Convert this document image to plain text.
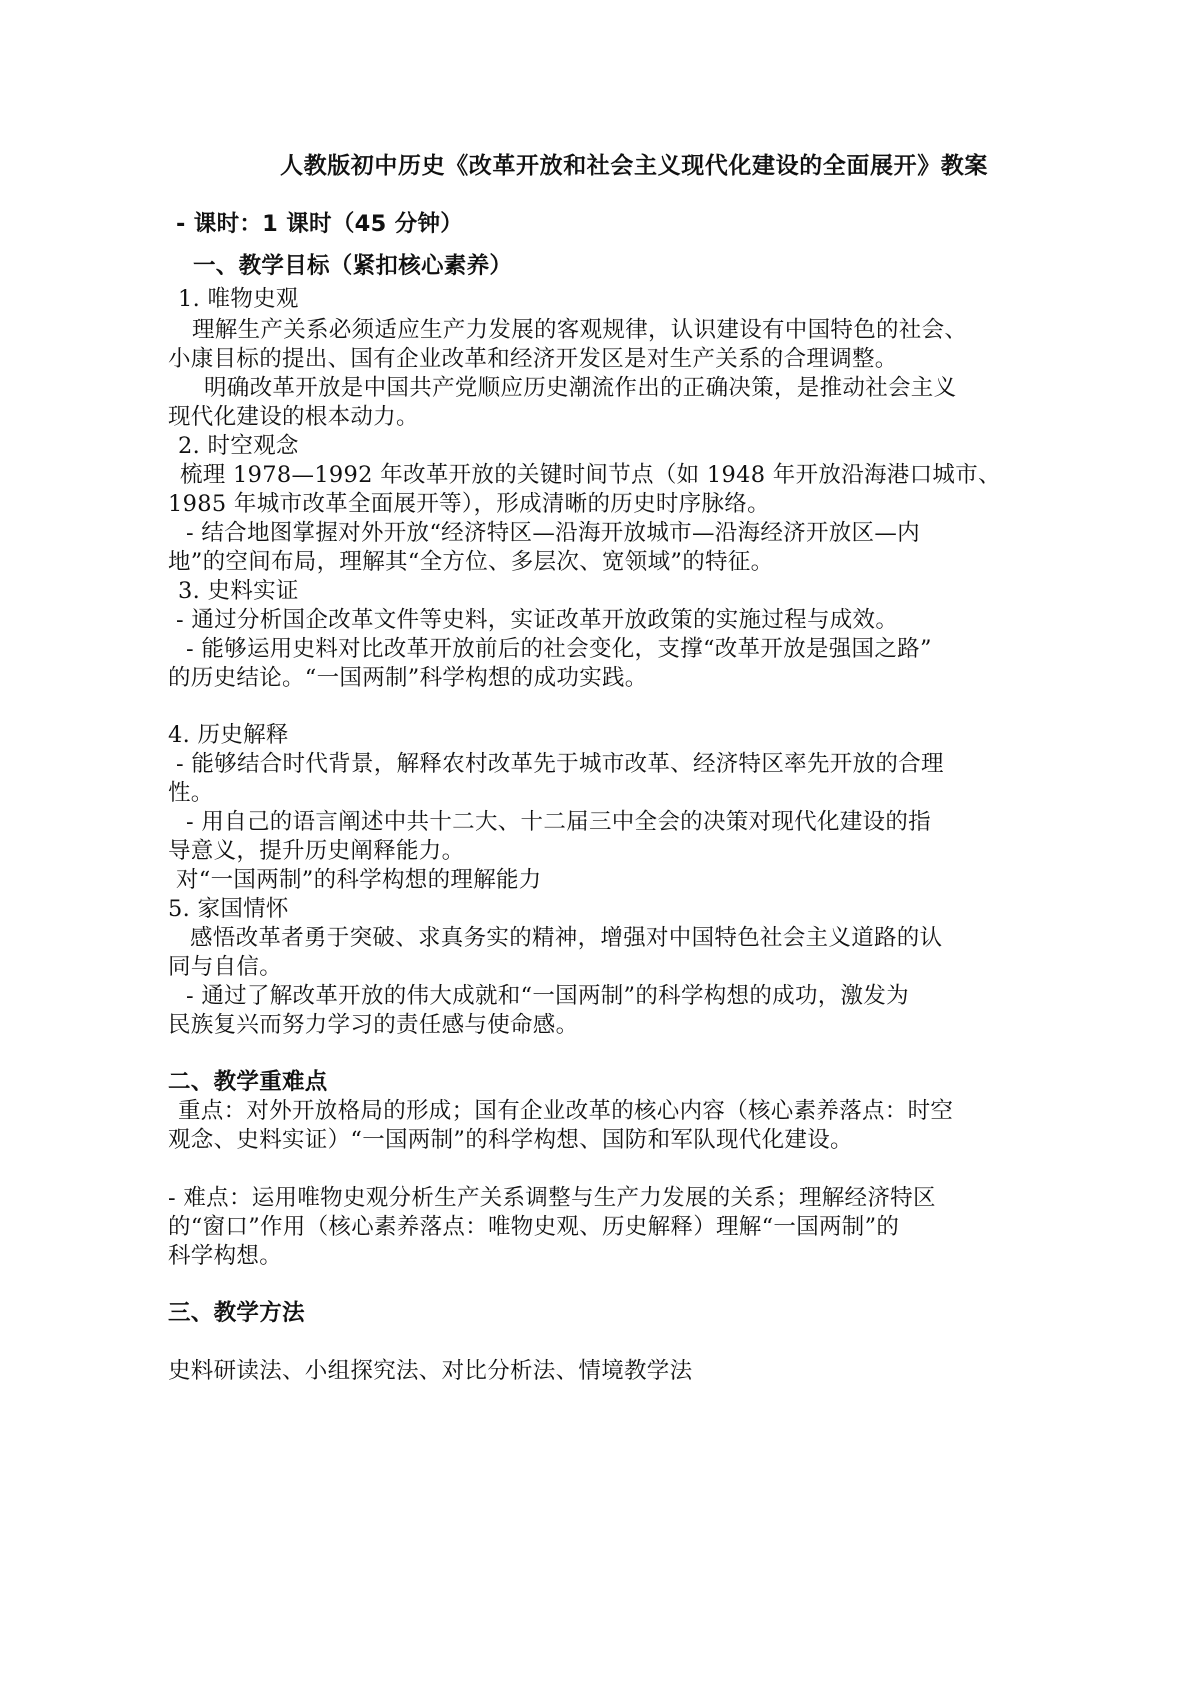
人教版初中历史《改革开放和社会主义现代化建设的全面展开》教案
- 课时：1 课时（45 分钟）
一、教学目标（紧扣核心素养）
1. 唯物史观
理解生产关系必须适应生产力发展的客观规律，认识建设有中国特色的社会、
小康目标的提出、国有企业改革和经济开发区是对生产关系的合理调整。
明确改革开放是中国共产党顺应历史潮流作出的正确决策，是推动社会主义
现代化建设的根本动力。
2. 时空观念
梳理 1978—1992 年改革开放的关键时间节点（如 1948 年开放沿海港口城市、
1985 年城市改革全面展开等），形成清晰的历史时序脉络。
- 结合地图掌握对外开放“经济特区—沿海开放城市—沿海经济开放区—内
地”的空间布局，理解其“全方位、多层次、宽领域”的特征。
3. 史料实证
- 通过分析国企改革文件等史料，实证改革开放政策的实施过程与成效。
- 能够运用史料对比改革开放前后的社会变化，支撑“改革开放是强国之路”
的历史结论。“一国两制”科学构想的成功实践。
4. 历史解释
- 能够结合时代背景，解释农村改革先于城市改革、经济特区率先开放的合理
性。
- 用自己的语言阐述中共十二大、十二届三中全会的决策对现代化建设的指
导意义，提升历史阐释能力。
对“一国两制”的科学构想的理解能力
5. 家国情怀
感悟改革者勇于突破、求真务实的精神，增强对中国特色社会主义道路的认
同与自信。
- 通过了解改革开放的伟大成就和“一国两制”的科学构想的成功，激发为
民族复兴而努力学习的责任感与使命感。
二、教学重难点
重点：对外开放格局的形成；国有企业改革的核心内容（核心素养落点：时空
观念、史料实证）“一国两制”的科学构想、国防和军队现代化建设。
- 难点：运用唯物史观分析生产关系调整与生产力发展的关系；理解经济特区
的“窗口”作用（核心素养落点：唯物史观、历史解释）理解“一国两制”的
科学构想。
三、教学方法
史料研读法、小组探究法、对比分析法、情境教学法
